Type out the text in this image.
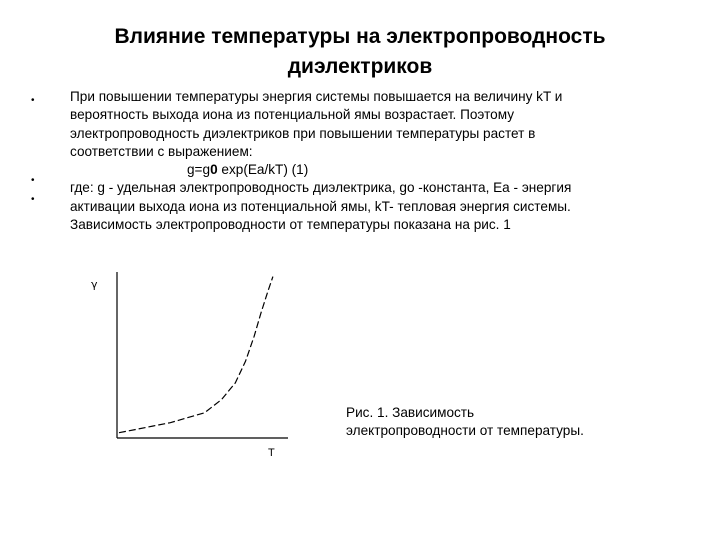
Влияние температуры на электропроводность
диэлектриков
•
•
•
При повышении температуры энергия системы повышается на величину kT и
вероятность выхода иона из потенциальной ямы возрастает. Поэтому
электропроводность диэлектриков при повышении температуры растет в
соответствии с выражением:
g=g0 exp(Ea/kT) (1)
где: g - удельная электропроводность диэлектрика, go -константа, Ea - энергия
активации выхода иона из потенциальной ямы, kT- тепловая энергия системы.
Зависимость электропроводности от температуры показана на рис. 1
γ
T
Рис. 1. Зависимость
электропроводности от температуры.
